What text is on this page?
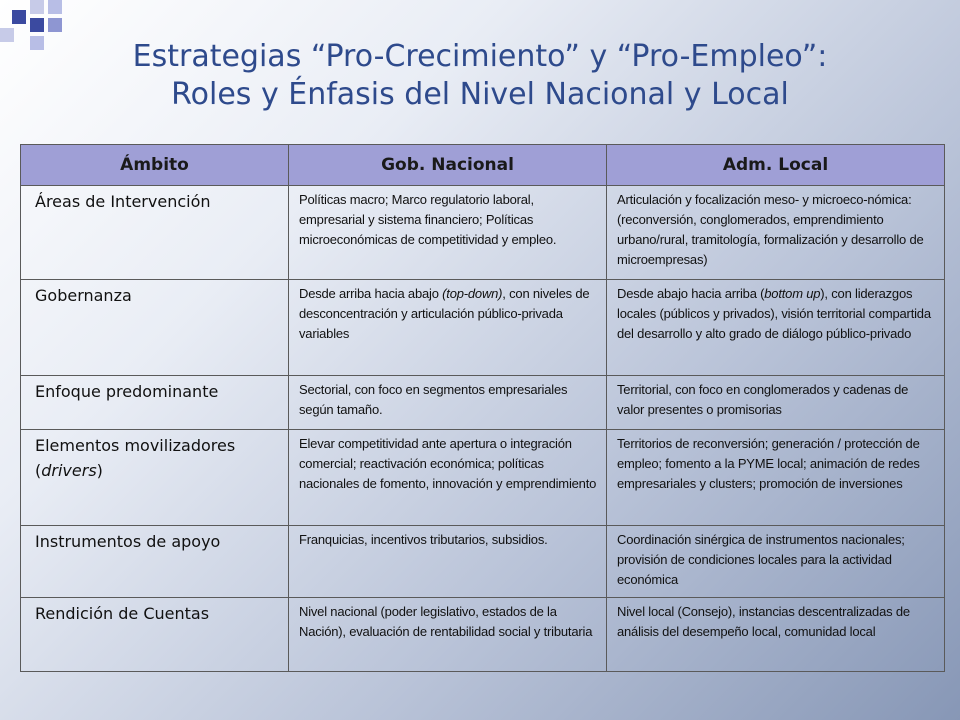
Estrategias “Pro-Crecimiento” y “Pro-Empleo”:
Roles y Énfasis del Nivel Nacional y Local
Ámbito	Gob. Nacional	Adm. Local
Áreas de Intervención	Políticas macro; Marco regulatorio laboral, empresarial y sistema financiero; Políticas microeconómicas de competitividad y empleo.	Articulación y focalización meso- y microeco-nómica: (reconversión, conglomerados, emprendimiento urbano/rural, tramitología, formalización y desarrollo de microempresas)
Gobernanza	Desde arriba hacia abajo (top-down), con niveles de desconcentración y articulación público-privada variables	Desde abajo hacia arriba (bottom up), con liderazgos locales (públicos y privados), visión territorial compartida del desarrollo y alto grado de diálogo público-privado
Enfoque predominante	Sectorial, con foco en segmentos empresariales según tamaño.	Territorial, con foco en conglomerados y cadenas de valor presentes o promisorias
Elementos movilizadores (drivers)	Elevar competitividad ante apertura o integración comercial; reactivación económica; políticas nacionales de fomento, innovación y emprendimiento	Territorios de reconversión; generación / protección de empleo; fomento a la PYME local; animación de redes empresariales y clusters; promoción de inversiones
Instrumentos de apoyo	Franquicias, incentivos tributarios, subsidios.	Coordinación sinérgica de instrumentos nacionales; provisión de condiciones locales para la actividad económica
Rendición de Cuentas	Nivel nacional (poder legislativo, estados de la Nación), evaluación de rentabilidad social y tributaria	Nivel local (Consejo), instancias descentralizadas de análisis del desempeño local, comunidad local
